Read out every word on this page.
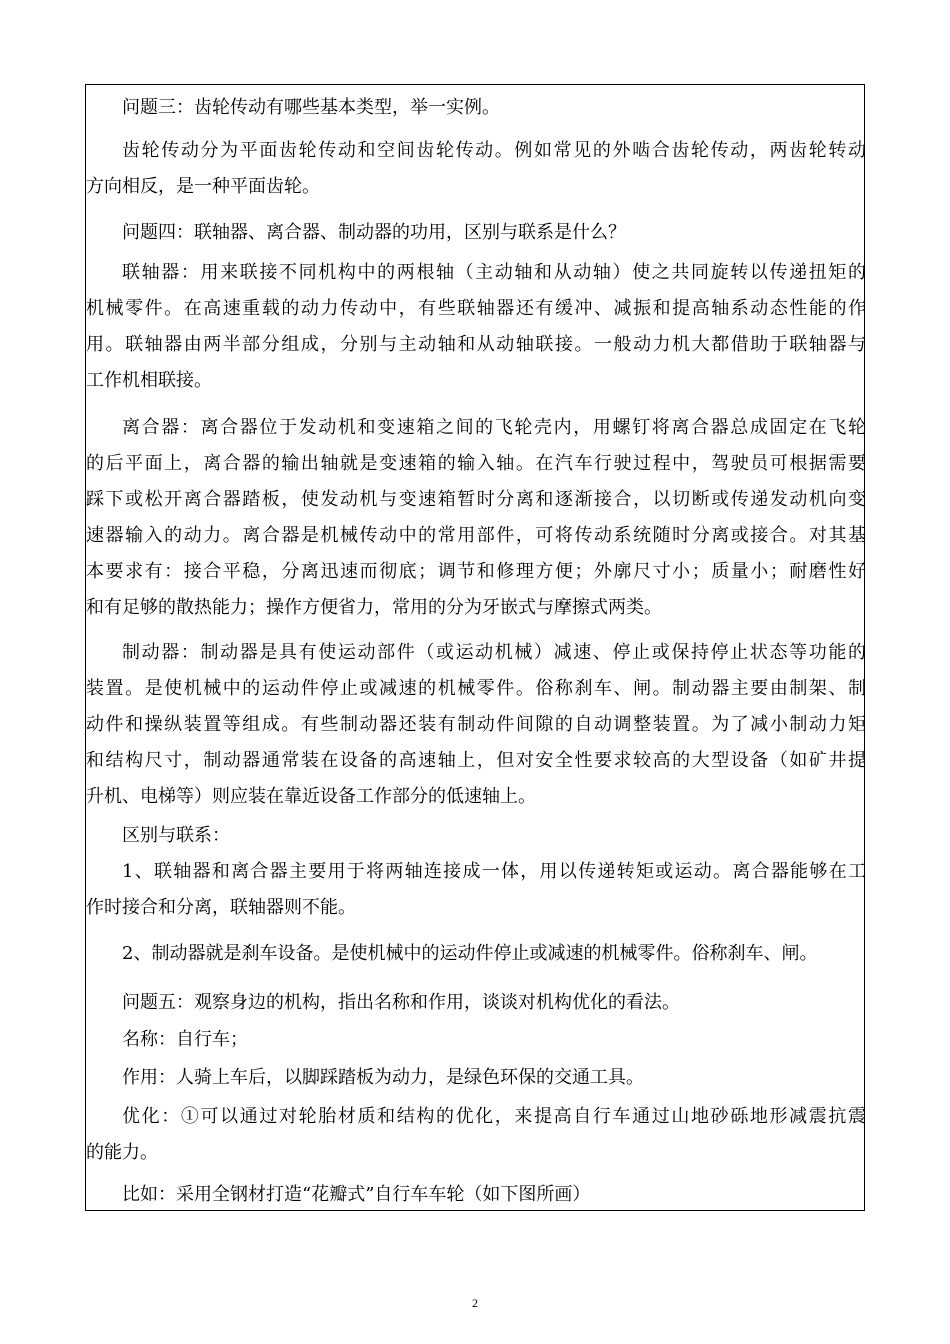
问题三：齿轮传动有哪些基本类型，举一实例。
齿轮传动分为平面齿轮传动和空间齿轮传动。例如常见的外啮合齿轮传动，两齿轮转动
方向相反，是一种平面齿轮。
问题四：联轴器、离合器、制动器的功用，区别与联系是什么？
联轴器：用来联接不同机构中的两根轴（主动轴和从动轴）使之共同旋转以传递扭矩的
机械零件。在高速重载的动力传动中，有些联轴器还有缓冲、减振和提高轴系动态性能的作
用。联轴器由两半部分组成，分别与主动轴和从动轴联接。一般动力机大都借助于联轴器与
工作机相联接。
离合器：离合器位于发动机和变速箱之间的飞轮壳内，用螺钉将离合器总成固定在飞轮
的后平面上，离合器的输出轴就是变速箱的输入轴。在汽车行驶过程中，驾驶员可根据需要
踩下或松开离合器踏板，使发动机与变速箱暂时分离和逐渐接合，以切断或传递发动机向变
速器输入的动力。离合器是机械传动中的常用部件，可将传动系统随时分离或接合。对其基
本要求有：接合平稳，分离迅速而彻底；调节和修理方便；外廓尺寸小；质量小；耐磨性好
和有足够的散热能力；操作方便省力，常用的分为牙嵌式与摩擦式两类。
制动器：制动器是具有使运动部件（或运动机械）减速、停止或保持停止状态等功能的
装置。是使机械中的运动件停止或减速的机械零件。俗称刹车、闸。制动器主要由制架、制
动件和操纵装置等组成。有些制动器还装有制动件间隙的自动调整装置。为了减小制动力矩
和结构尺寸，制动器通常装在设备的高速轴上，但对安全性要求较高的大型设备（如矿井提
升机、电梯等）则应装在靠近设备工作部分的低速轴上。
区别与联系：
1、联轴器和离合器主要用于将两轴连接成一体，用以传递转矩或运动。离合器能够在工
作时接合和分离，联轴器则不能。
2、制动器就是刹车设备。是使机械中的运动件停止或减速的机械零件。俗称刹车、闸。
问题五：观察身边的机构，指出名称和作用，谈谈对机构优化的看法。
名称：自行车；
作用：人骑上车后，以脚踩踏板为动力，是绿色环保的交通工具。
优化：①可以通过对轮胎材质和结构的优化，来提高自行车通过山地砂砾地形减震抗震
的能力。
比如：采用全钢材打造“花瓣式”自行车车轮（如下图所画）
2
